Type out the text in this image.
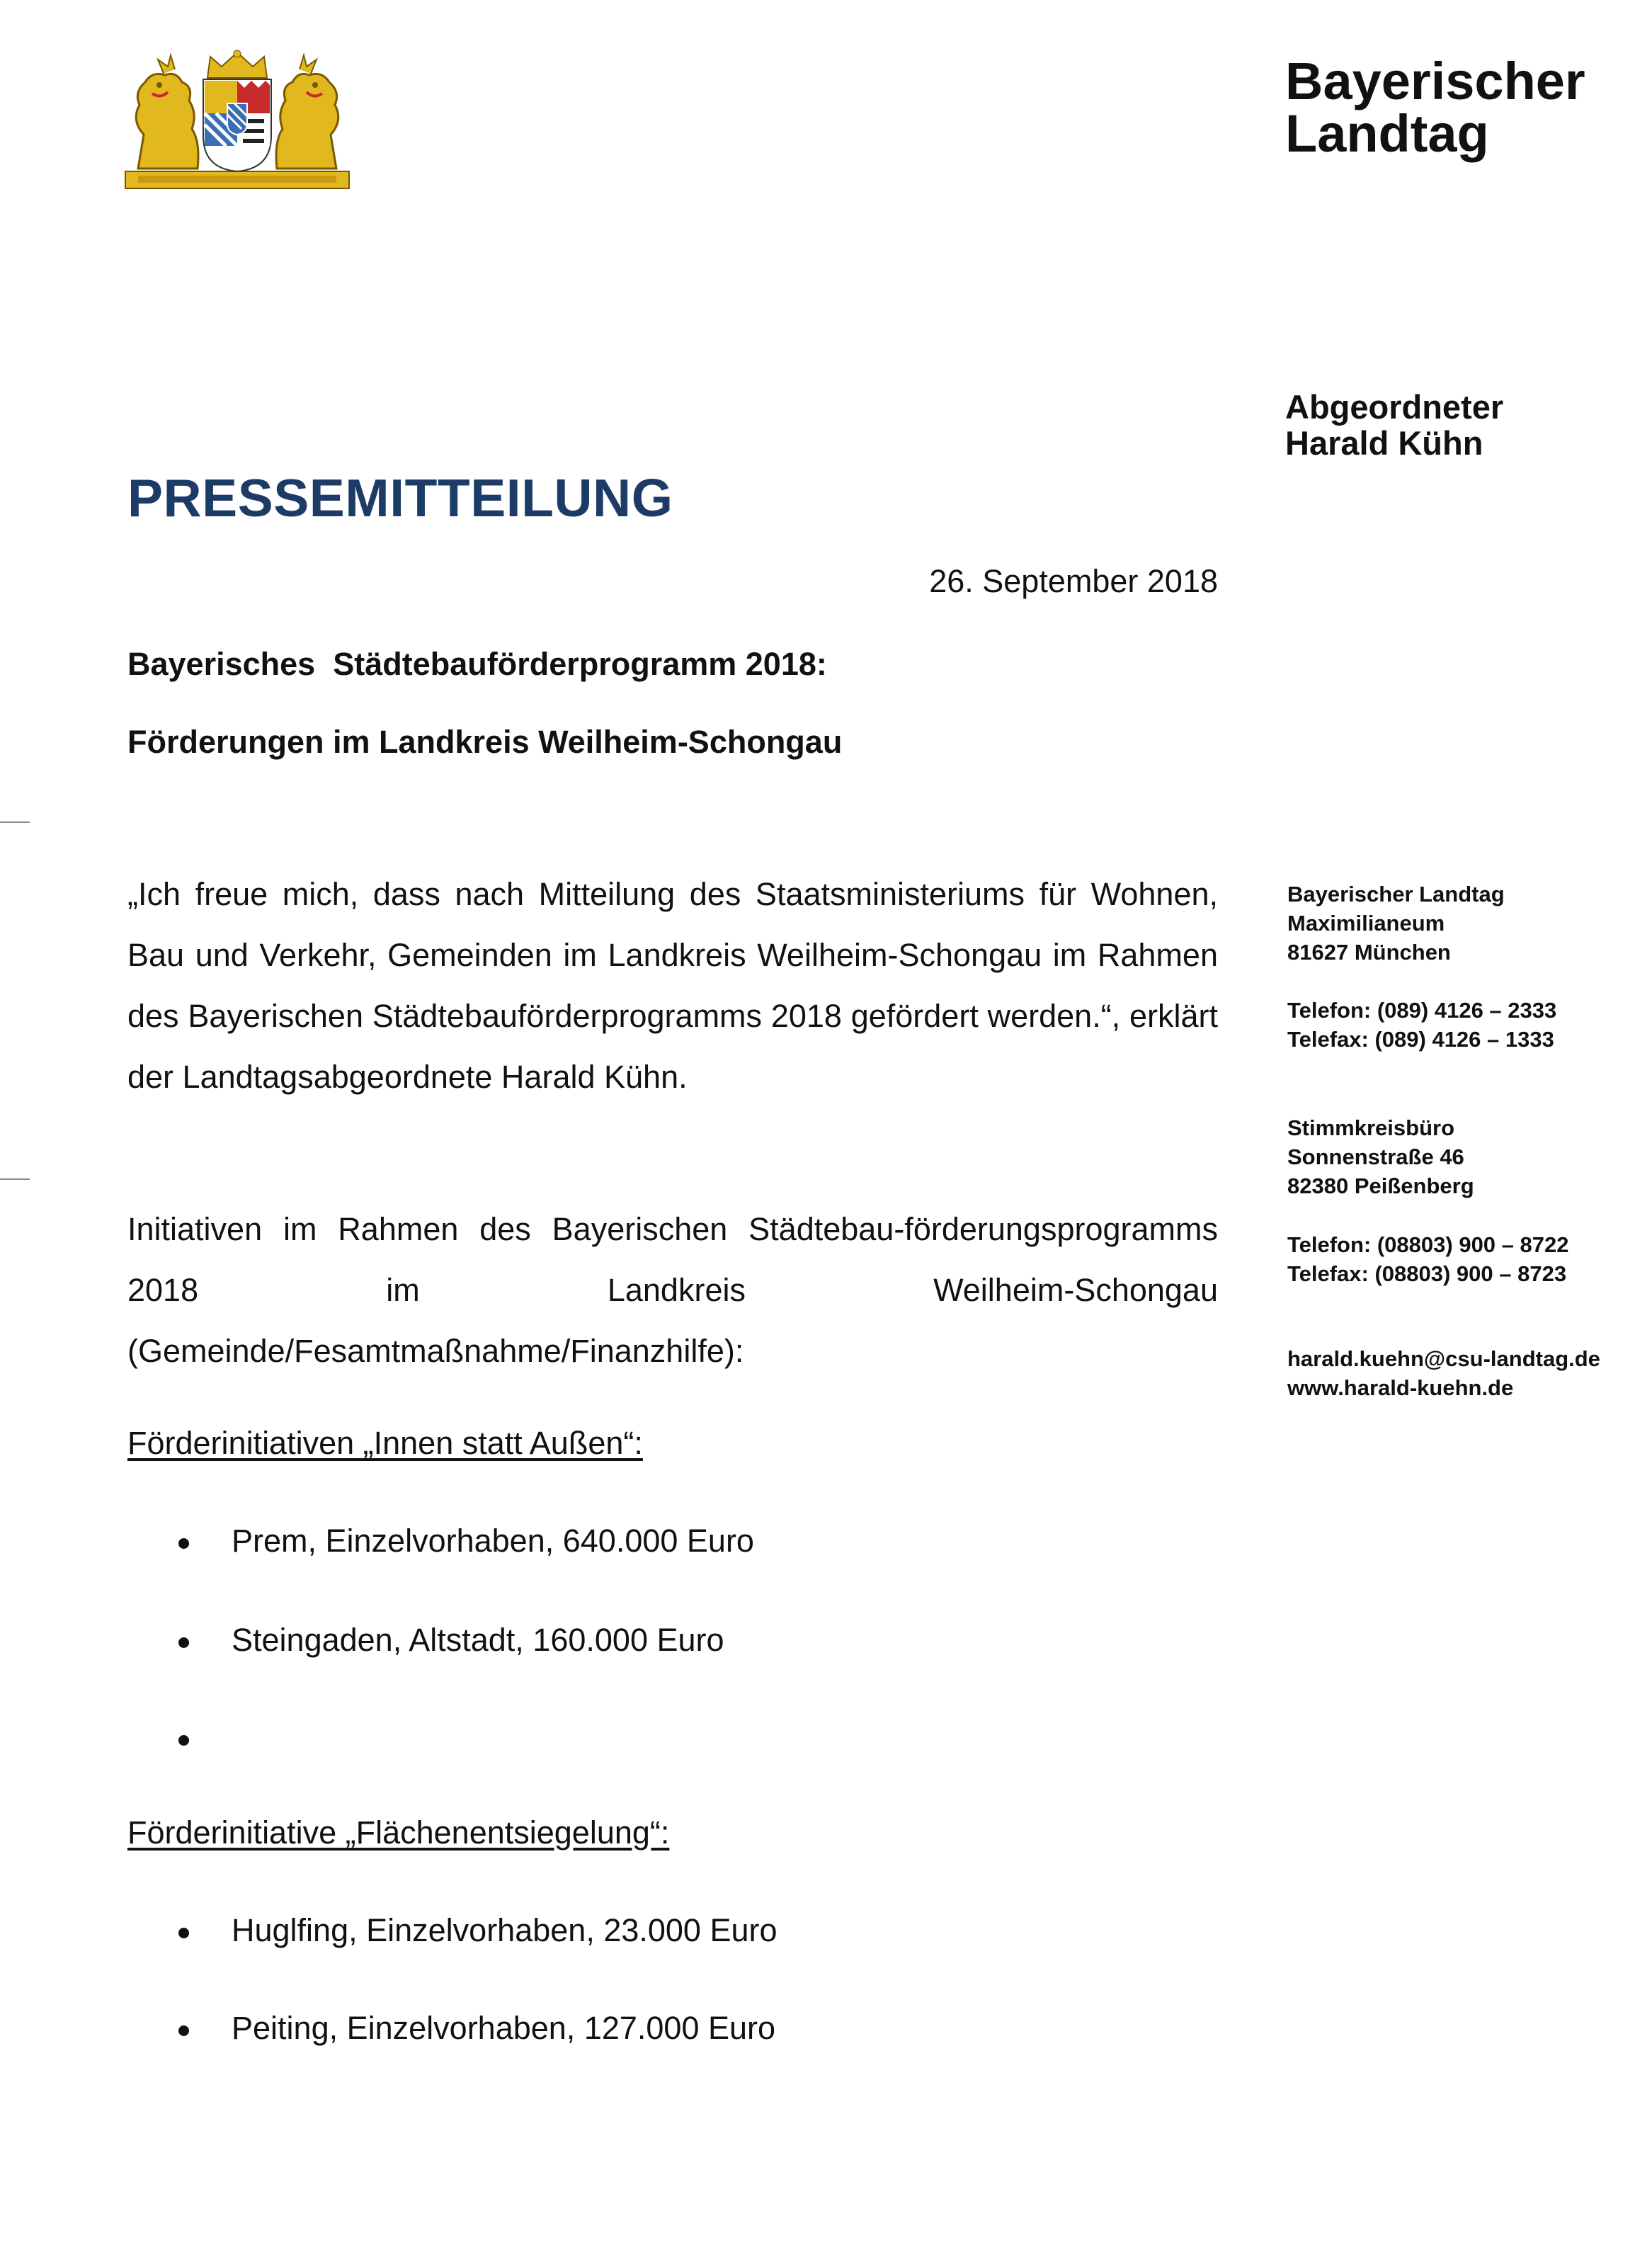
Bayerischer
Landtag
Abgeordneter
Harald Kühn
PRESSEMITTEILUNG
26. September 2018
Bayerisches  Städtebauförderprogramm 2018:
Förderungen im Landkreis Weilheim-Schongau
„Ich freue mich, dass nach Mitteilung des Staatsministeriums für Wohnen, Bau und Verkehr, Gemeinden im Landkreis Weilheim-Schongau im Rahmen des Bayerischen Städtebauförderprogramms 2018 gefördert werden.“, erklärt der Landtagsabgeordnete Harald Kühn.
Initiativen im Rahmen des Bayerischen Städtebau-förderungsprogramms 2018 im Landkreis Weilheim-Schongau (Gemeinde/Fesamtmaßnahme/Finanzhilfe):
Bayerischer Landtag
Maximilianeum
81627 München
Telefon: (089) 4126 – 2333
Telefax: (089) 4126 – 1333
Stimmkreisbüro
Sonnenstraße 46
82380 Peißenberg
Telefon: (08803) 900 – 8722
Telefax: (08803) 900 – 8723
harald.kuehn@csu-landtag.de
www.harald-kuehn.de
Förderinitiativen „Innen statt Außen“:
Prem, Einzelvorhaben, 640.000 Euro
Steingaden, Altstadt, 160.000 Euro
Förderinitiative „Flächenentsiegelung“:
Huglfing, Einzelvorhaben, 23.000 Euro
Peiting, Einzelvorhaben, 127.000 Euro
